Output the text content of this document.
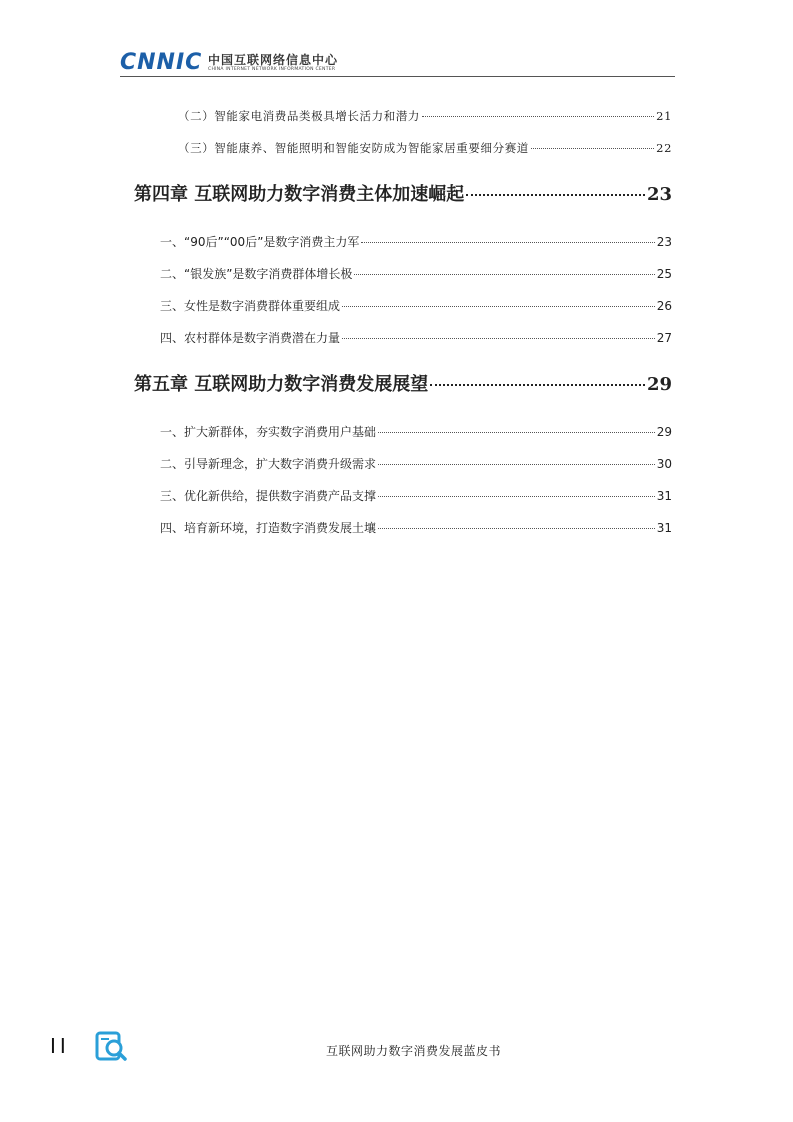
CNNIC 中国互联网络信息中心
CHINA INTERNET NETWORK INFORMATION CENTER
（二）智能家电消费品类极具增长活力和潜力	21
（三）智能康养、智能照明和智能安防成为智能家居重要细分赛道	22
第四章 互联网助力数字消费主体加速崛起	23
一、“90后”“00后”是数字消费主力军	23
二、“银发族”是数字消费群体增长极	25
三、女性是数字消费群体重要组成	26
四、农村群体是数字消费潜在力量	27
第五章 互联网助力数字消费发展展望	29
一、扩大新群体，夯实数字消费用户基础	29
二、引导新理念，扩大数字消费升级需求	30
三、优化新供给，提供数字消费产品支撑	31
四、培育新环境，打造数字消费发展土壤	31
II	互联网助力数字消费发展蓝皮书
